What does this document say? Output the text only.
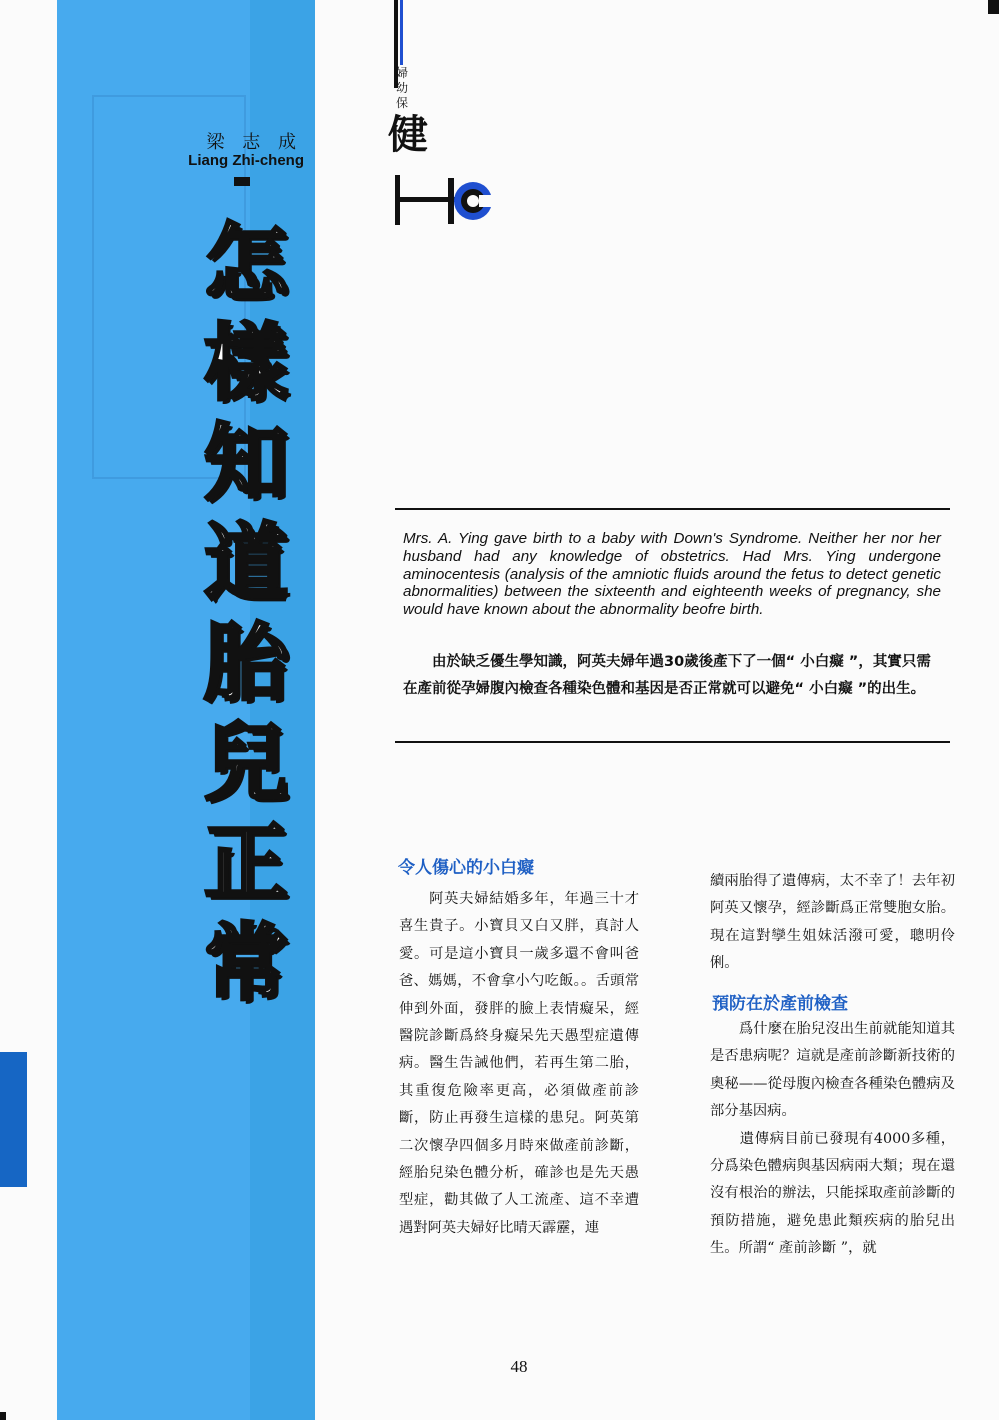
梁 志 成
Liang Zhi-cheng
怎
樣
知
道
胎
兒
正
常
婦
幼
保
健
Mrs. A. Ying gave birth to a baby with Down's Syndrome. Neither her nor her husband had any knowledge of obstetrics. Had Mrs. Ying undergone aminocentesis (analysis of the amniotic fluids around the fetus to detect genetic abnormalities) between the sixteenth and eighteenth weeks of pregnancy, she would have known about the abnormality beofre birth.
　　由於缺乏優生學知識，阿英夫婦年過30歲後產下了一個“ 小白癡 ”，其實只需在產前從孕婦腹內檢查各種染色體和基因是否正常就可以避免“ 小白癡 ”的出生。
令人傷心的小白癡
　　阿英夫婦結婚多年，年過三十才喜生貴子。小寶貝又白又胖，真討人愛。可是這小寶貝一歲多還不會叫爸爸、媽媽，不會拿小勺吃飯。。舌頭常伸到外面，發胖的臉上表情癡呆，經醫院診斷爲終身癡呆先天愚型症遺傳病。醫生告誡他們，若再生第二胎，其重復危險率更高，必須做產前診斷，防止再發生這樣的患兒。阿英第二次懷孕四個多月時來做產前診斷，經胎兒染色體分析，確診也是先天愚型症，勸其做了人工流產、這不幸遭遇對阿英夫婦好比晴天霹靂，連
續兩胎得了遺傳病，太不幸了！去年初阿英又懷孕，經診斷爲正常雙胞女胎。現在這對孿生姐妹活潑可愛，聰明伶俐。
預防在於產前檢查
　　爲什麼在胎兒沒出生前就能知道其是否患病呢？這就是產前診斷新技術的奧秘——從母腹內檢查各種染色體病及部分基因病。
　　遺傳病目前已發現有4000多種，分爲染色體病與基因病兩大類；現在還沒有根治的辦法，只能採取產前診斷的預防措施，避免患此類疾病的胎兒出生。所謂“ 產前診斷 ”，就
48
